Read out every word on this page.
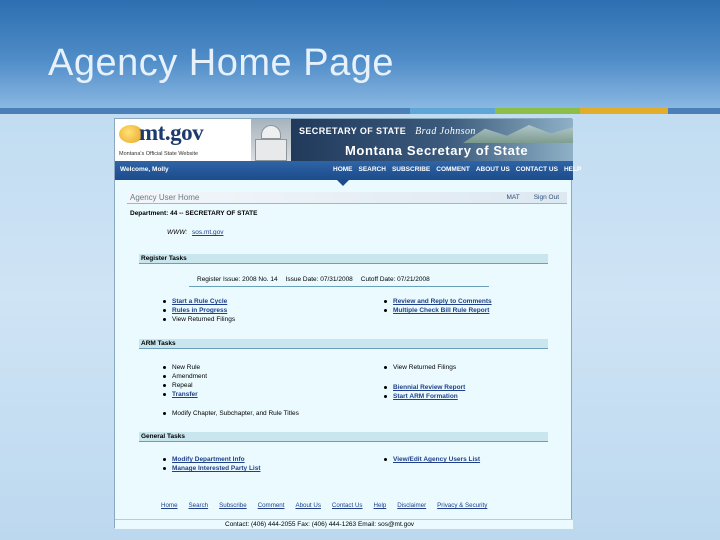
Agency Home Page
mt.gov
Montana's Official State Website
SECRETARY OF STATE Brad Johnson
Montana Secretary of State
Welcome, Molly	HOME SEARCH SUBSCRIBE COMMENT ABOUT US CONTACT US HELP
Agency User Home	MAT Sign Out
Department: 44 -- SECRETARY OF STATE
WWW: sos.mt.gov
Register Tasks
Register Issue: 2008 No. 14 Issue Date: 07/31/2008 Cutoff Date: 07/21/2008
Start a Rule Cycle
Rules in Progress
View Returned Filings
Review and Reply to Comments
Multiple Check Bill Rule Report
ARM Tasks
New Rule
Amendment
Repeal
Transfer
View Returned Filings
Biennial Review Report
Start ARM Formation
Modify Chapter, Subchapter, and Rule Titles
General Tasks
Modify Department Info
Manage Interested Party List
View/Edit Agency Users List
Home Search Subscribe Comment About Us Contact Us Help Disclaimer Privacy & Security
Contact: (406) 444-2055 Fax: (406) 444-1263 Email: sos@mt.gov
